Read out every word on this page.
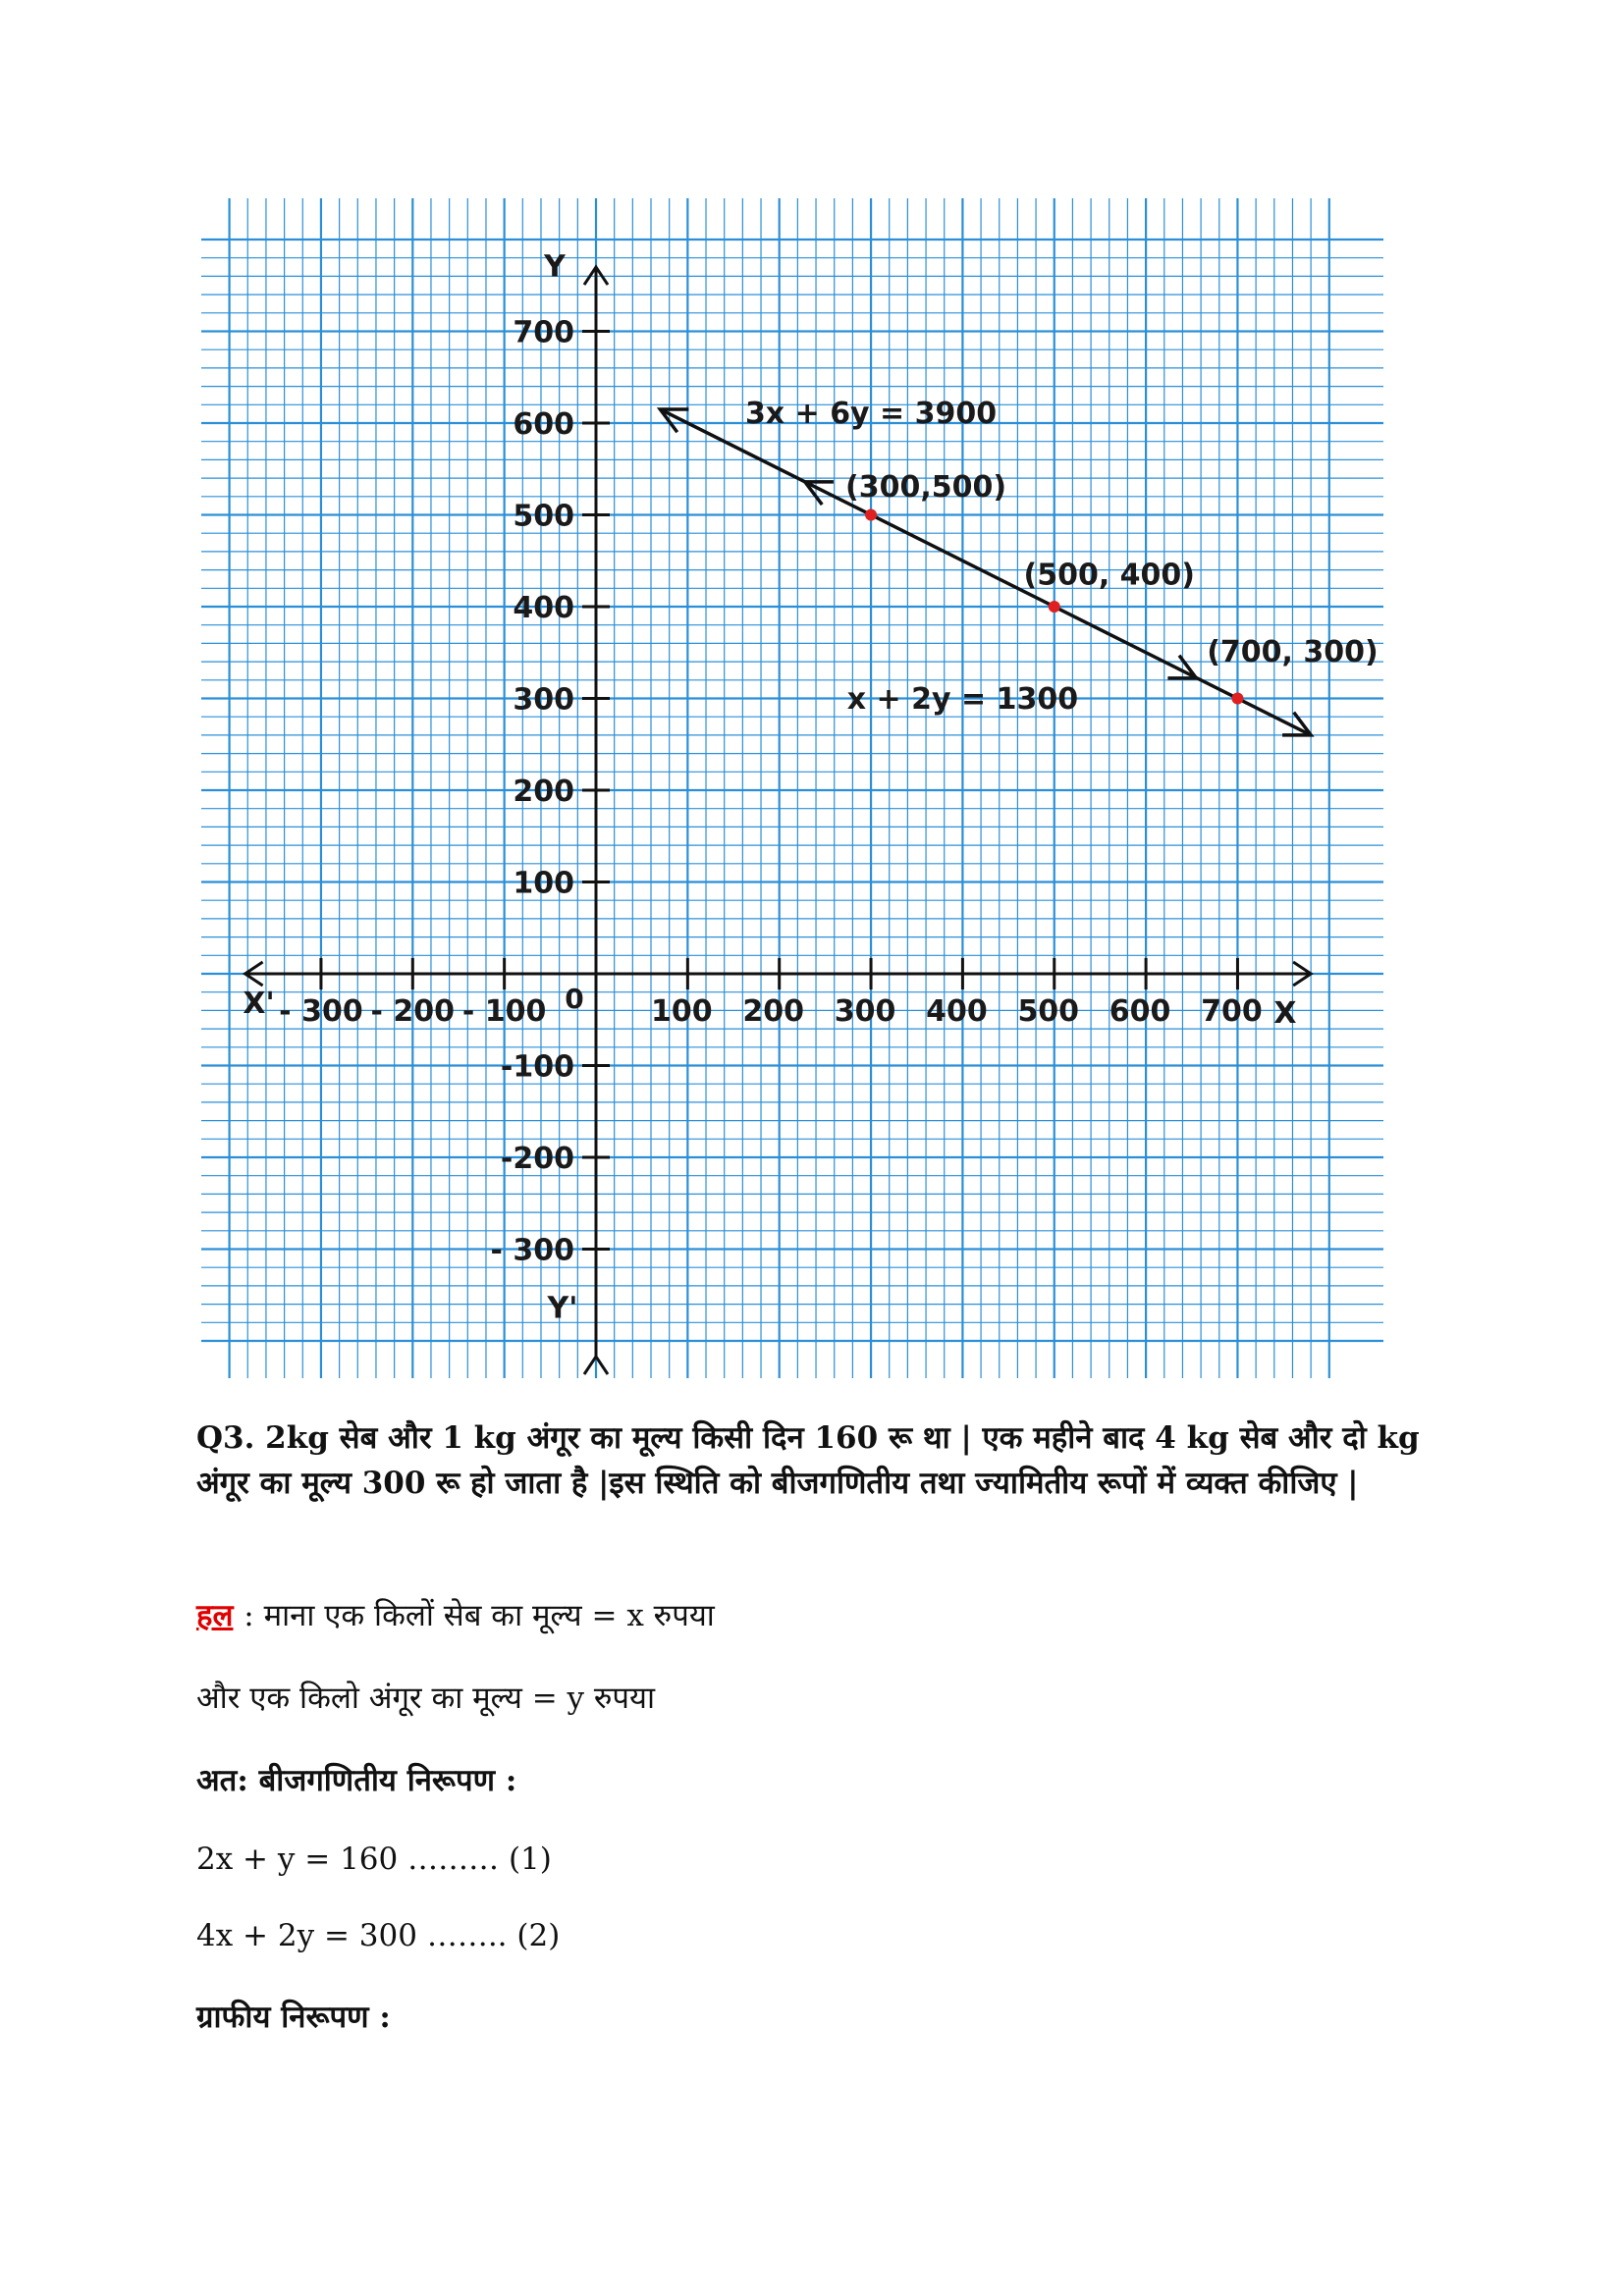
X
X'
Y
Y'
0
- 300 - 200 - 100	100 200 300 400 500 600 700
700
600
500
400
300
200
100
-100
-200
- 300
(300,500)
(500, 400)
(700, 300)
3x + 6y = 3900
x + 2y = 1300
Q3. 2kg सेब और 1 kg अंगूर का मूल्य किसी दिन 160 रू था | एक महीने बाद 4 kg सेब और दो kg अंगूर का मूल्य 300 रू हो जाता है |इस स्थिति को बीजगणितीय तथा ज्यामितीय रूपों में व्यक्त कीजिए |
हल : माना एक किलों सेब का मूल्य = x रुपया
और एक किलो अंगूर का मूल्य = y रुपया
अत: बीजगणितीय निरूपण :
2x + y = 160 ……… (1)
4x + 2y = 300 …….. (2)
ग्राफीय निरूपण :
